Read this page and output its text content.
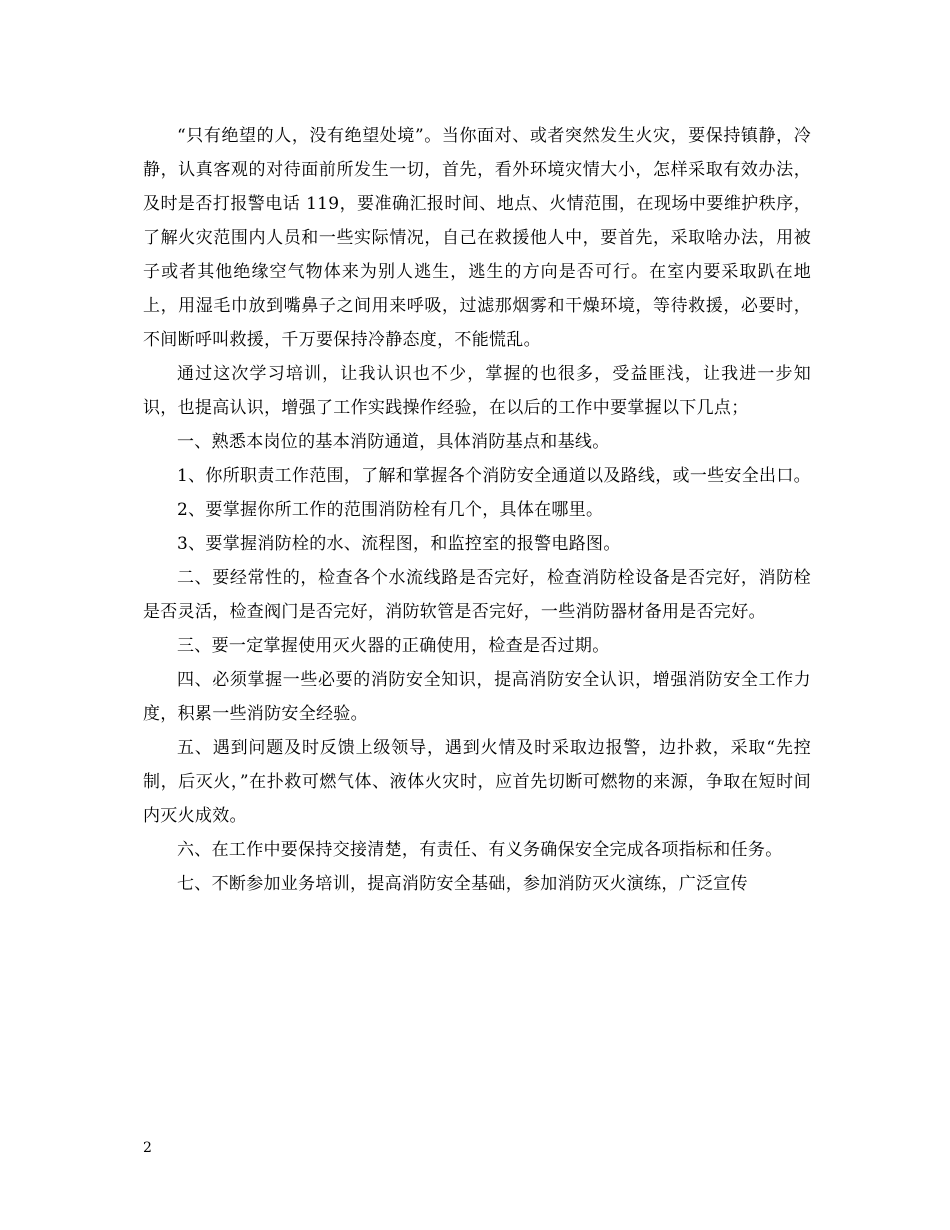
“只有绝望的人，没有绝望处境”。当你面对、或者突然发生火灾，要保持镇静，冷静，认真客观的对待面前所发生一切，首先，看外环境灾情大小，怎样采取有效办法，及时是否打报警电话 119，要准确汇报时间、地点、火情范围，在现场中要维护秩序，了解火灾范围内人员和一些实际情况，自己在救援他人中，要首先，采取啥办法，用被子或者其他绝缘空气物体来为别人逃生，逃生的方向是否可行。在室内要采取趴在地上，用湿毛巾放到嘴鼻子之间用来呼吸，过滤那烟雾和干燥环境，等待救援，必要时，不间断呼叫救援，千万要保持冷静态度，不能慌乱。

通过这次学习培训，让我认识也不少，掌握的也很多，受益匪浅，让我进一步知识，也提高认识，增强了工作实践操作经验，在以后的工作中要掌握以下几点；

一、熟悉本岗位的基本消防通道，具体消防基点和基线。

1、你所职责工作范围，了解和掌握各个消防安全通道以及路线，或一些安全出口。

2、要掌握你所工作的范围消防栓有几个，具体在哪里。

3、要掌握消防栓的水、流程图，和监控室的报警电路图。

二、要经常性的，检查各个水流线路是否完好，检查消防栓设备是否完好，消防栓是否灵活，检查阀门是否完好，消防软管是否完好，一些消防器材备用是否完好。

三、要一定掌握使用灭火器的正确使用，检查是否过期。

四、必须掌握一些必要的消防安全知识，提高消防安全认识，增强消防安全工作力度，积累一些消防安全经验。

五、遇到问题及时反馈上级领导，遇到火情及时采取边报警，边扑救，采取“先控制，后灭火，”在扑救可燃气体、液体火灾时，应首先切断可燃物的来源，争取在短时间内灭火成效。

六、在工作中要保持交接清楚，有责任、有义务确保安全完成各项指标和任务。

七、不断参加业务培训，提高消防安全基础，参加消防灭火演练，广泛宣传

2
